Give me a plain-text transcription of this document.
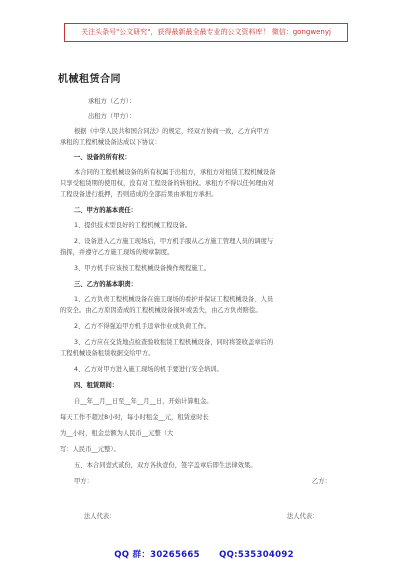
关注头条号"公文研究"，获得最新最全最专业的公文资料库！ 微信：gongwenyj
机械租赁合同
承租方（乙方）：
出租方（甲方）：
根据《中华人民共和国合同法》的规定，经双方协商一致，乙方向甲方
承租的工程机械设备达成以下协议：
一、设备的所有权：
本合同的工程机械设备的所有权属于出租方，承租方对租赁工程机械设备
只享受租赁期的使用权，没有对工程设备的转租权。承租方不得以任何理由对
工程设备进行抵押，否则造成的全部后果由承租方承担。
二、甲方的基本责任：
1、提供技术型良好的工程机械工程设备。
2、设备进入乙方施工现场后，甲方机手服从乙方施工管理人员的调度与
指挥，并遵守乙方施工现场的规章制度。
3、甲方机手应该按工程机械设备操作规程施工。
三、乙方的基本职责：
1、乙方负责工程机械设备在施工现场的看护并保证工程机械设备、人员
的安全。由乙方原因造成的工程机械设备损坏或丢失，由乙方负责赔偿。
2、乙方不得强迫甲方机手违章作业或负荷工作。
3、乙方应在交货地点检查验收租赁工程机械设备，同时将签收盖章后的
工程机械设备租赁收据交给甲方。
4、乙方对甲方进入施工现场的机手要进行安全培训。
四、租赁期间：
自__年__月__日至__年__月__日，开始计算租金。
每天工作不超过8小时，每小时租金__元，租赁意时长
为__小时，租金总额为人民币__元整（大
写：人民币__元整）。
五、本合同壹式贰份，双方各执壹份，签字盖章后即生法律效果。
甲方：	乙方：
法人代表：	法人代表：
QQ 群：30265665 QQ:535304092
